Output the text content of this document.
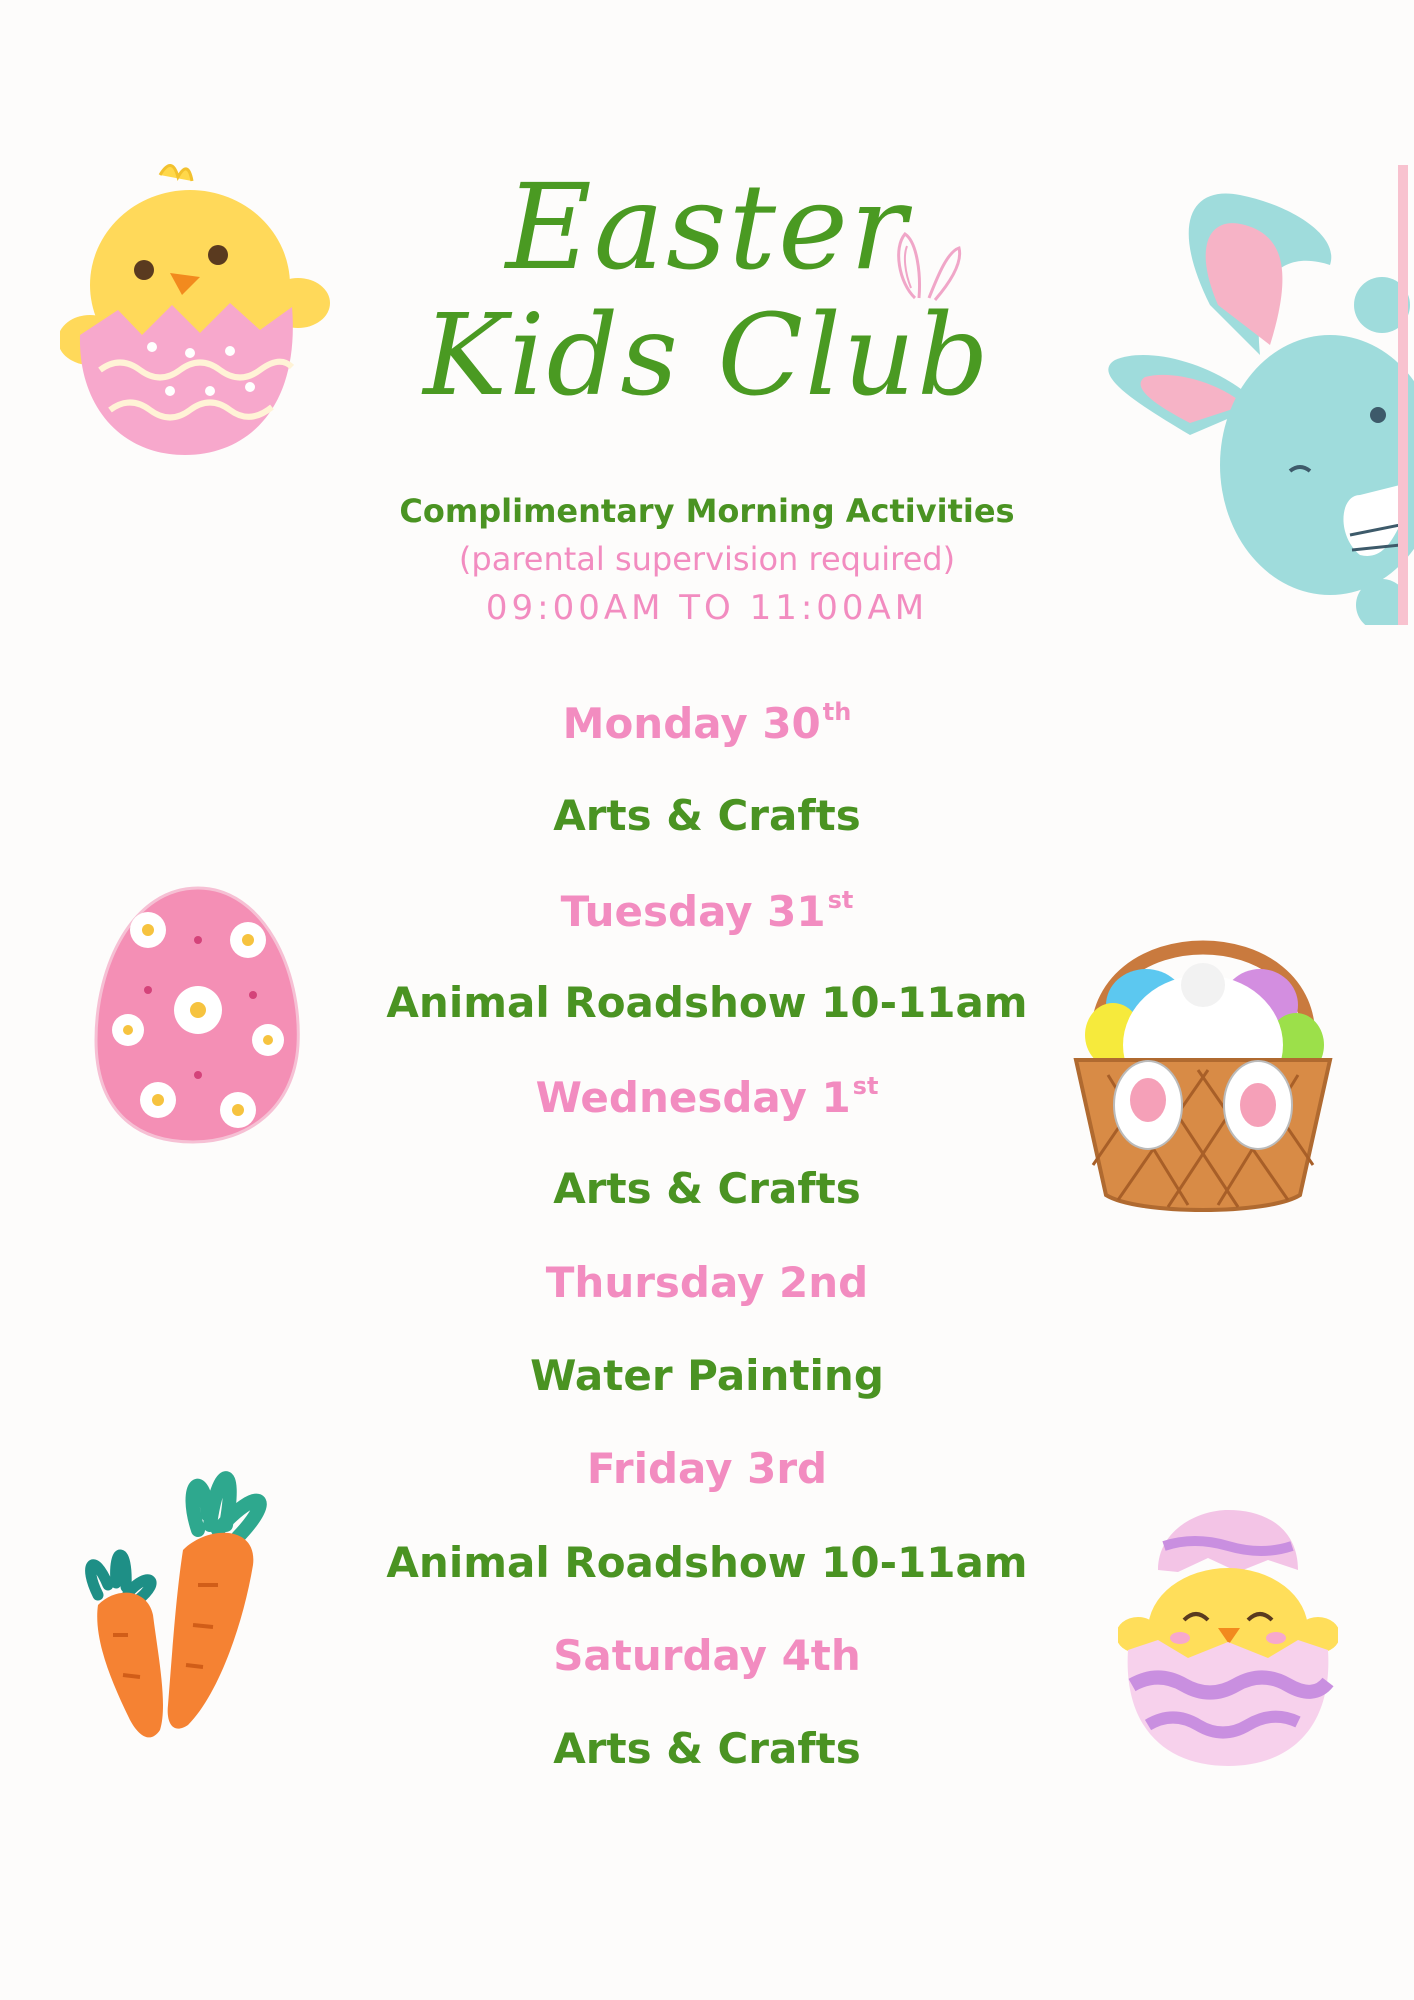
Easter
Kids Club
Complimentary Morning Activities
(parental supervision required)
09:00AM TO 11:00AM
Monday 30th
Arts & Crafts
Tuesday 31st
Animal Roadshow 10-11am
Wednesday 1st
Arts & Crafts
Thursday 2nd
Water Painting
Friday 3rd
Animal Roadshow 10-11am
Saturday 4th
Arts & Crafts
